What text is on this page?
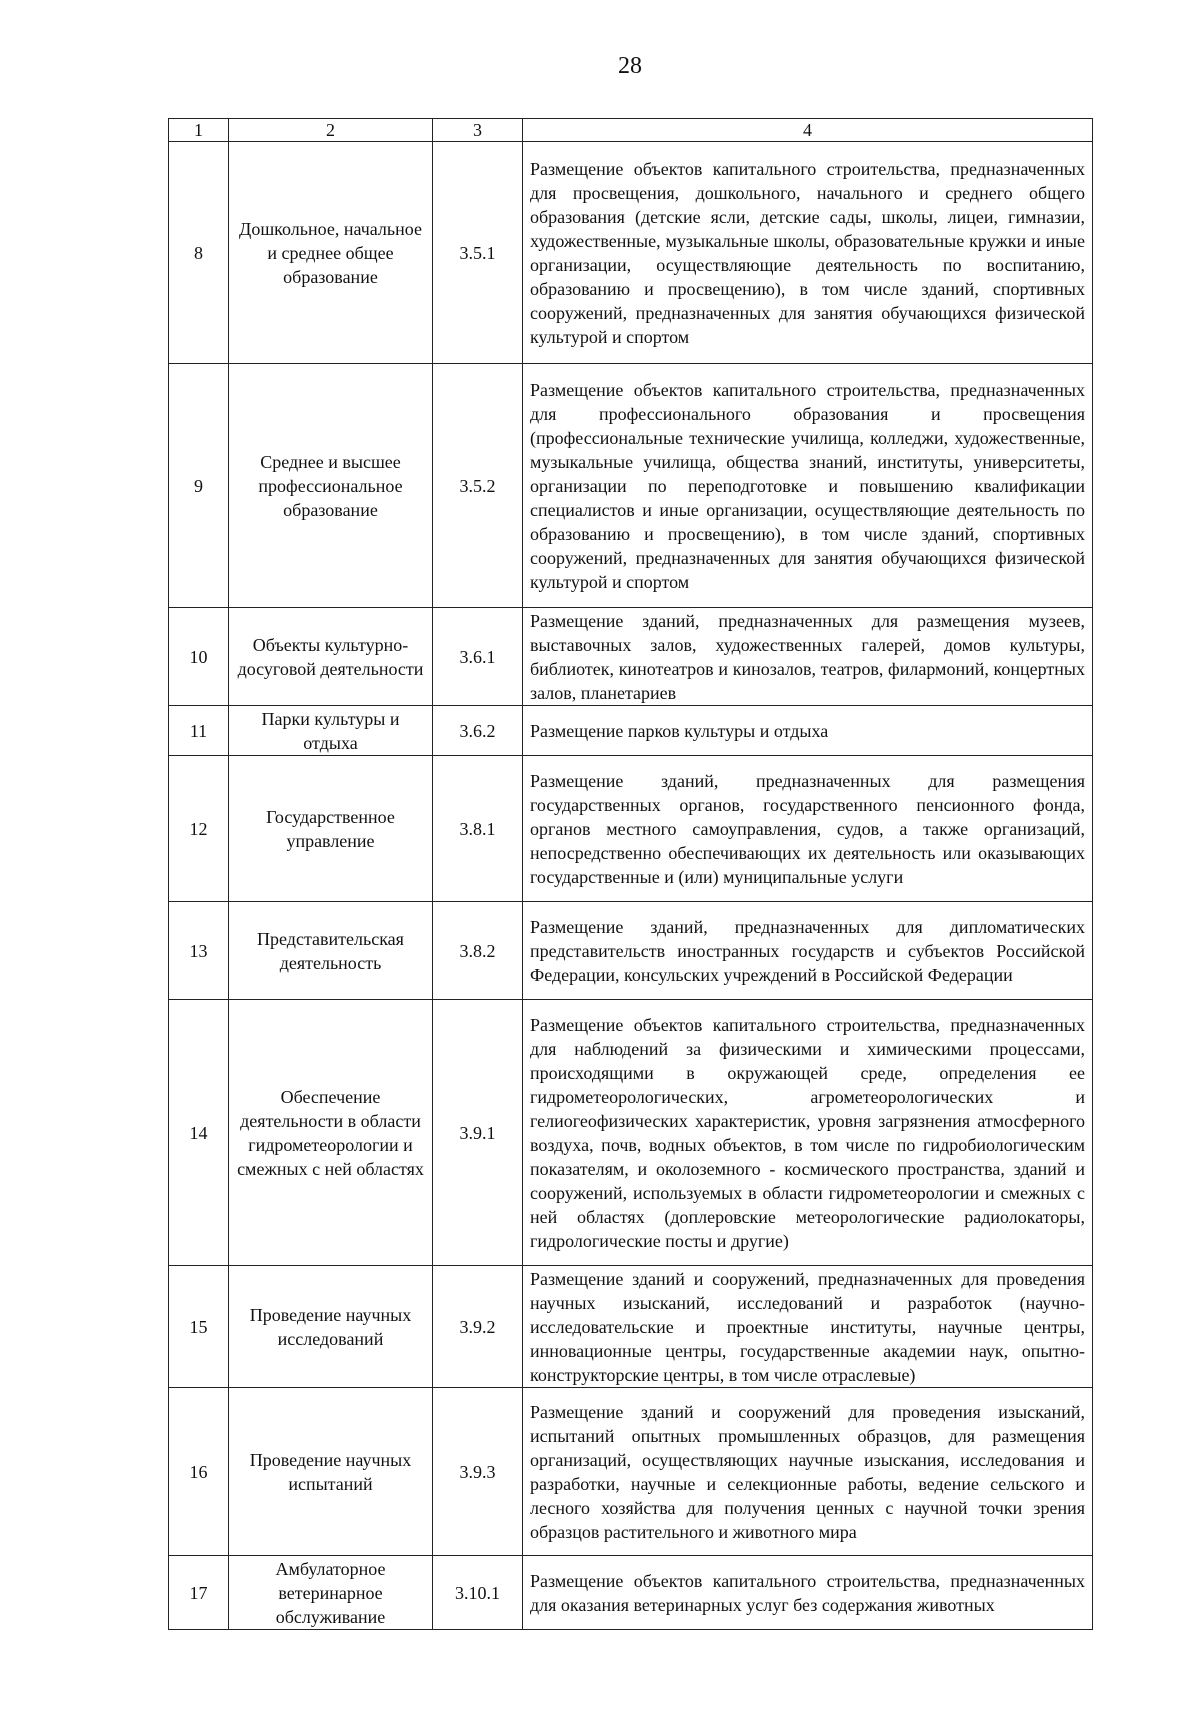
28
1	2	3	4
8	Дошкольное, начальное и среднее общее образование	3.5.1	Размещение объектов капитального строительства, предназначенных для просвещения, дошкольного, начального и среднего общего образования (детские ясли, детские сады, школы, лицеи, гимназии, художественные, музыкальные школы, образовательные кружки и иные организации, осуществляющие деятельность по воспитанию, образованию и просвещению), в том числе зданий, спортивных сооружений, предназначенных для занятия обучающихся физической культурой и спортом
9	Среднее и высшее профессиональное образование	3.5.2	Размещение объектов капитального строительства, предназначенных для профессионального образования и просвещения (профессиональные технические училища, колледжи, художественные, музыкальные училища, общества знаний, институты, университеты, организации по переподготовке и повышению квалификации специалистов и иные организации, осуществляющие деятельность по образованию и просвещению), в том числе зданий, спортивных сооружений, предназначенных для занятия обучающихся физической культурой и спортом
10	Объекты культурно-досуговой деятельности	3.6.1	Размещение зданий, предназначенных для размещения музеев, выставочных залов, художественных галерей, домов культуры, библиотек, кинотеатров и кинозалов, театров, филармоний, концертных залов, планетариев
11	Парки культуры и отдыха	3.6.2	Размещение парков культуры и отдыха
12	Государственное управление	3.8.1	Размещение зданий, предназначенных для размещения государственных органов, государственного пенсионного фонда, органов местного самоуправления, судов, а также организаций, непосредственно обеспечивающих их деятельность или оказывающих государственные и (или) муниципальные услуги
13	Представительская деятельность	3.8.2	Размещение зданий, предназначенных для дипломатических представительств иностранных государств и субъектов Российской Федерации, консульских учреждений в Российской Федерации
14	Обеспечение деятельности в области гидрометеорологии и смежных с ней областях	3.9.1	Размещение объектов капитального строительства, предназначенных для наблюдений за физическими и химическими процессами, происходящими в окружающей среде, определения ее гидрометеорологических, агрометеорологических и гелиогеофизических характеристик, уровня загрязнения атмосферного воздуха, почв, водных объектов, в том числе по гидробиологическим показателям, и околоземного - космического пространства, зданий и сооружений, используемых в области гидрометеорологии и смежных с ней областях (доплеровские метеорологические радиолокаторы, гидрологические посты и другие)
15	Проведение научных исследований	3.9.2	Размещение зданий и сооружений, предназначенных для проведения научных изысканий, исследований и разработок (научно-исследовательские и проектные институты, научные центры, инновационные центры, государственные академии наук, опытно-конструкторские центры, в том числе отраслевые)
16	Проведение научных испытаний	3.9.3	Размещение зданий и сооружений для проведения изысканий, испытаний опытных промышленных образцов, для размещения организаций, осуществляющих научные изыскания, исследования и разработки, научные и селекционные работы, ведение сельского и лесного хозяйства для получения ценных с научной точки зрения образцов растительного и животного мира
17	Амбулаторное ветеринарное обслуживание	3.10.1	Размещение объектов капитального строительства, предназначенных для оказания ветеринарных услуг без содержания животных
